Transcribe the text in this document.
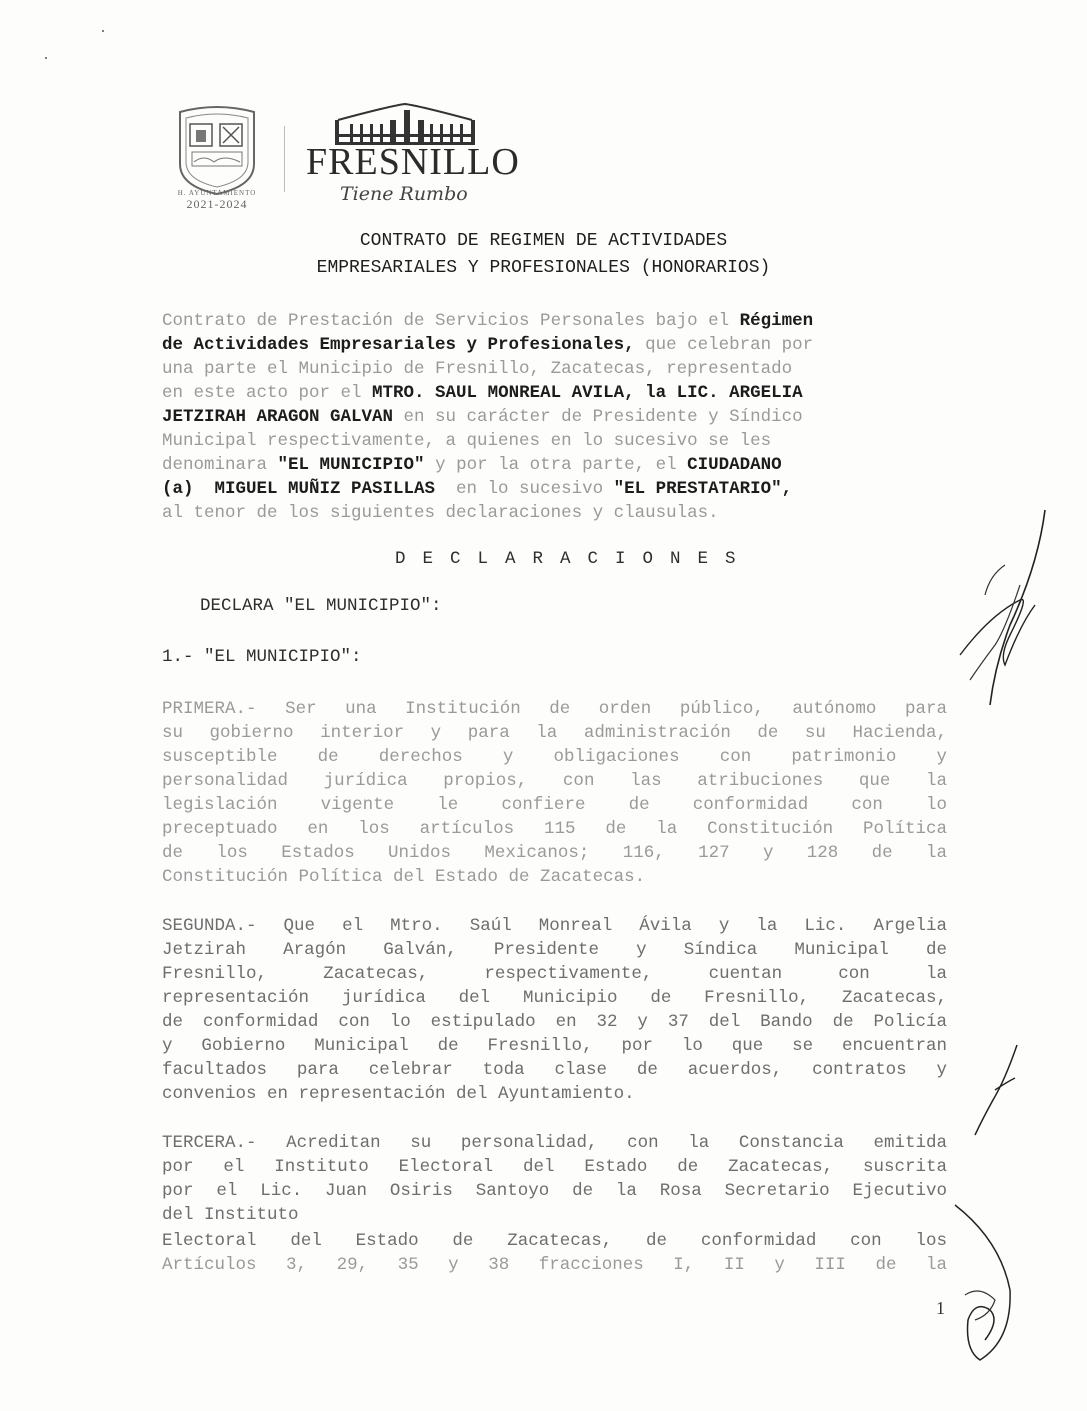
H. AYUNTAMIENTO
2021-2024
FRESNILLO
Tiene Rumbo
CONTRATO DE REGIMEN DE ACTIVIDADES
EMPRESARIALES Y PROFESIONALES (HONORARIOS)
Contrato de Prestación de Servicios Personales bajo el Régimen
de Actividades Empresariales y Profesionales, que celebran por
una parte el Municipio de Fresnillo, Zacatecas, representado
en este acto por el MTRO. SAUL MONREAL AVILA, la LIC. ARGELIA
JETZIRAH ARAGON GALVAN en su carácter de Presidente y Síndico
Municipal respectivamente, a quienes en lo sucesivo se les
denominara "EL MUNICIPIO" y por la otra parte, el CIUDADANO
(a)  MIGUEL MUÑIZ PASILLAS  en lo sucesivo "EL PRESTATARIO",
al tenor de los siguientes declaraciones y clausulas.
DECLARACIONES
DECLARA "EL MUNICIPIO":
1.- "EL MUNICIPIO":
PRIMERA.- Ser una Institución de orden público, autónomo para
su gobierno interior y para la administración de su Hacienda,
susceptible de derechos y obligaciones con patrimonio y
personalidad jurídica propios, con las atribuciones que la
legislación vigente le confiere de conformidad con lo
preceptuado en los artículos 115 de la Constitución Política
de los Estados Unidos Mexicanos; 116, 127 y 128 de la
Constitución Política del Estado de Zacatecas.
SEGUNDA.- Que el Mtro. Saúl Monreal Ávila y la Lic. Argelia
Jetzirah Aragón Galván, Presidente y Síndica Municipal de
Fresnillo, Zacatecas, respectivamente, cuentan con la
representación jurídica del Municipio de Fresnillo, Zacatecas,
de conformidad con lo estipulado en 32 y 37 del Bando de Policía
y Gobierno Municipal de Fresnillo, por lo que se encuentran
facultados para celebrar toda clase de acuerdos, contratos y
convenios en representación del Ayuntamiento.
TERCERA.- Acreditan su personalidad, con la Constancia emitida
por el Instituto Electoral del Estado de Zacatecas, suscrita
por el Lic. Juan Osiris Santoyo de la Rosa Secretario Ejecutivo
del Instituto
Electoral del Estado de Zacatecas, de conformidad con los
Artículos 3, 29, 35 y 38 fracciones I, II y III de la
1
